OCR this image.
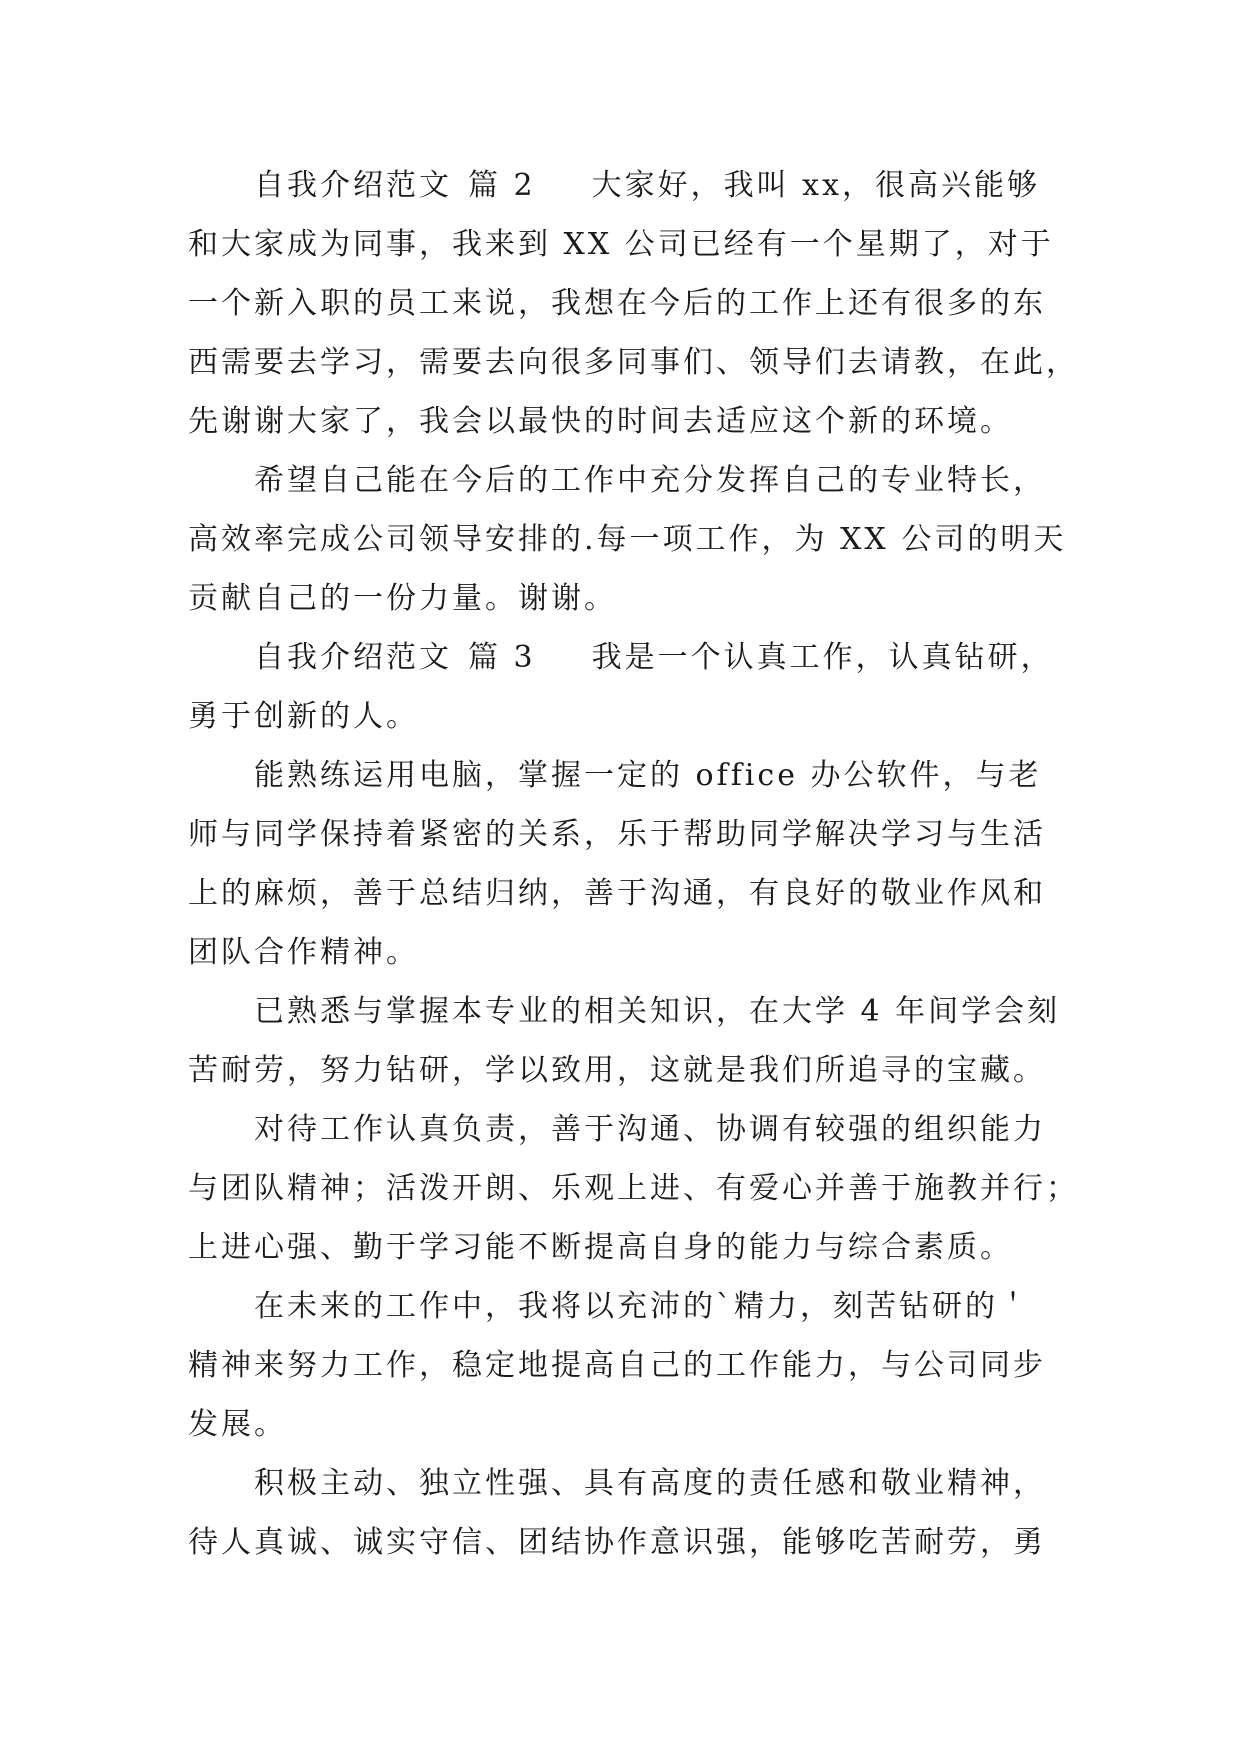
自我介绍范文 篇 2 大家好，我叫 xx，很高兴能够
和大家成为同事，我来到 XX 公司已经有一个星期了，对于
一个新入职的员工来说，我想在今后的工作上还有很多的东
西需要去学习，需要去向很多同事们、领导们去请教，在此，
先谢谢大家了，我会以最快的时间去适应这个新的环境。
希望自己能在今后的工作中充分发挥自己的专业特长，
高效率完成公司领导安排的.每一项工作，为 XX 公司的明天
贡献自己的一份力量。谢谢。
自我介绍范文 篇 3 我是一个认真工作，认真钻研，
勇于创新的人。
能熟练运用电脑，掌握一定的 office 办公软件，与老
师与同学保持着紧密的关系，乐于帮助同学解决学习与生活
上的麻烦，善于总结归纳，善于沟通，有良好的敬业作风和
团队合作精神。
已熟悉与掌握本专业的相关知识，在大学 4 年间学会刻
苦耐劳，努力钻研，学以致用，这就是我们所追寻的宝藏。
对待工作认真负责，善于沟通、协调有较强的组织能力
与团队精神；活泼开朗、乐观上进、有爱心并善于施教并行；
上进心强、勤于学习能不断提高自身的能力与综合素质。
在未来的工作中，我将以充沛的`精力，刻苦钻研的＇
精神来努力工作，稳定地提高自己的工作能力，与公司同步
发展。
积极主动、独立性强、具有高度的责任感和敬业精神，
待人真诚、诚实守信、团结协作意识强，能够吃苦耐劳，勇
